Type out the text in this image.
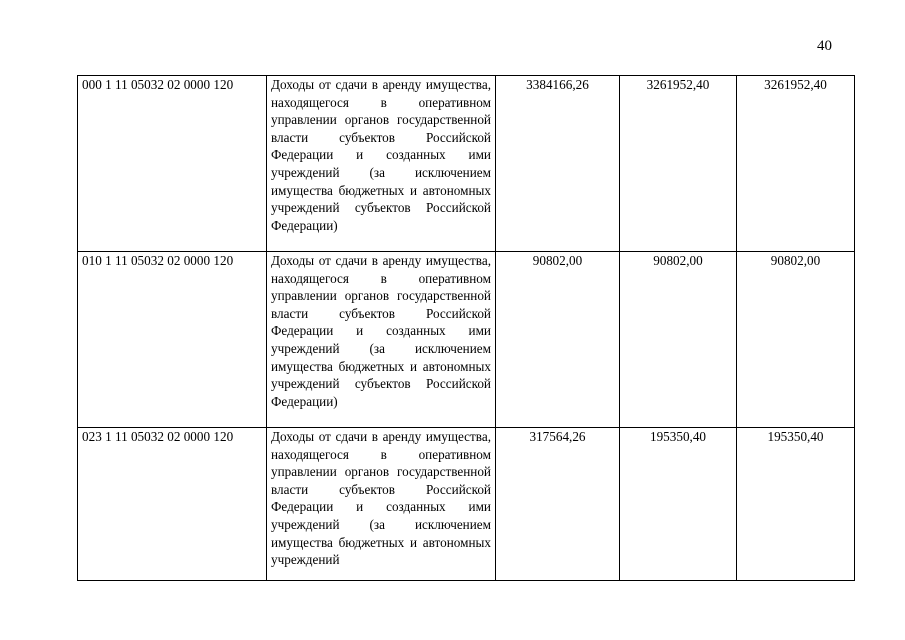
40
000 1 11 05032 02 0000 120	Доходы от сдачи в аренду имущества, находящегося в оперативном управлении органов государственной власти субъектов Российской Федерации и созданных ими учреждений (за исключением имущества бюджетных и автономных учреждений субъектов Российской Федерации)	3384166,26	3261952,40	3261952,40
010 1 11 05032 02 0000 120	Доходы от сдачи в аренду имущества, находящегося в оперативном управлении органов государственной власти субъектов Российской Федерации и созданных ими учреждений (за исключением имущества бюджетных и автономных учреждений субъектов Российской Федерации)	90802,00	90802,00	90802,00
023 1 11 05032 02 0000 120	Доходы от сдачи в аренду имущества, находящегося в оперативном управлении органов государственной власти субъектов Российской Федерации и созданных ими учреждений (за исключением имущества бюджетных и автономных учреждений	317564,26	195350,40	195350,40
